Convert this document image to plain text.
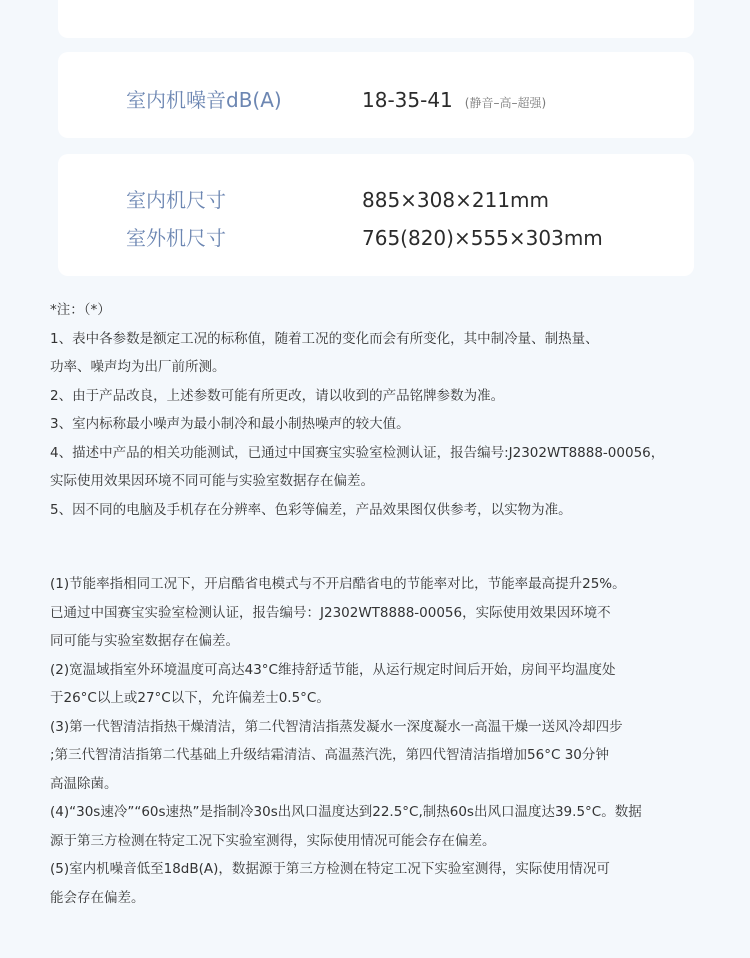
室内机噪音dB(A)	18-35-41 (静音–高–超强)
室内机尺寸	885×308×211mm
室外机尺寸	765(820)×555×303mm

*注：（*）

1、表中各参数是额定工况的标称值，随着工况的变化而会有所变化，其中制冷量、制热量、

功率、噪声均为出厂前所测。

2、由于产品改良，上述参数可能有所更改，请以收到的产品铭牌参数为准。

3、室内标称最小噪声为最小制冷和最小制热噪声的较大值。

4、描述中产品的相关功能测试，已通过中国赛宝实验室检测认证，报告编号:J2302WT8888-00056，

实际使用效果因环境不同可能与实验室数据存在偏差。

5、因不同的电脑及手机存在分辨率、色彩等偏差，产品效果图仅供参考，以实物为准。

(1)节能率指相同工况下，开启酷省电模式与不开启酷省电的节能率对比，节能率最高提升25%。

已通过中国赛宝实验室检测认证，报告编号：J2302WT8888-00056，实际使用效果因环境不

同可能与实验室数据存在偏差。

(2)宽温域指室外环境温度可高达43°C维持舒适节能，从运行规定时间后开始，房间平均温度处

于26°C以上或27°C以下，允许偏差士0.5°C。

(3)第一代智清洁指热干燥清洁，第二代智清洁指蒸发凝水一深度凝水一高温干燥一送风冷却四步

;第三代智清洁指第二代基础上升级结霜清洁、高温蒸汽洗，第四代智清洁指增加56°C 30分钟

高温除菌。

(4)“30s速冷”“60s速热”是指制冷30s出风口温度达到22.5°C,制热60s出风口温度达39.5°C。数据

源于第三方检测在特定工况下实验室测得，实际使用情况可能会存在偏差。

(5)室内机噪音低至18dB(A)，数据源于第三方检测在特定工况下实验室测得，实际使用情况可

能会存在偏差。
